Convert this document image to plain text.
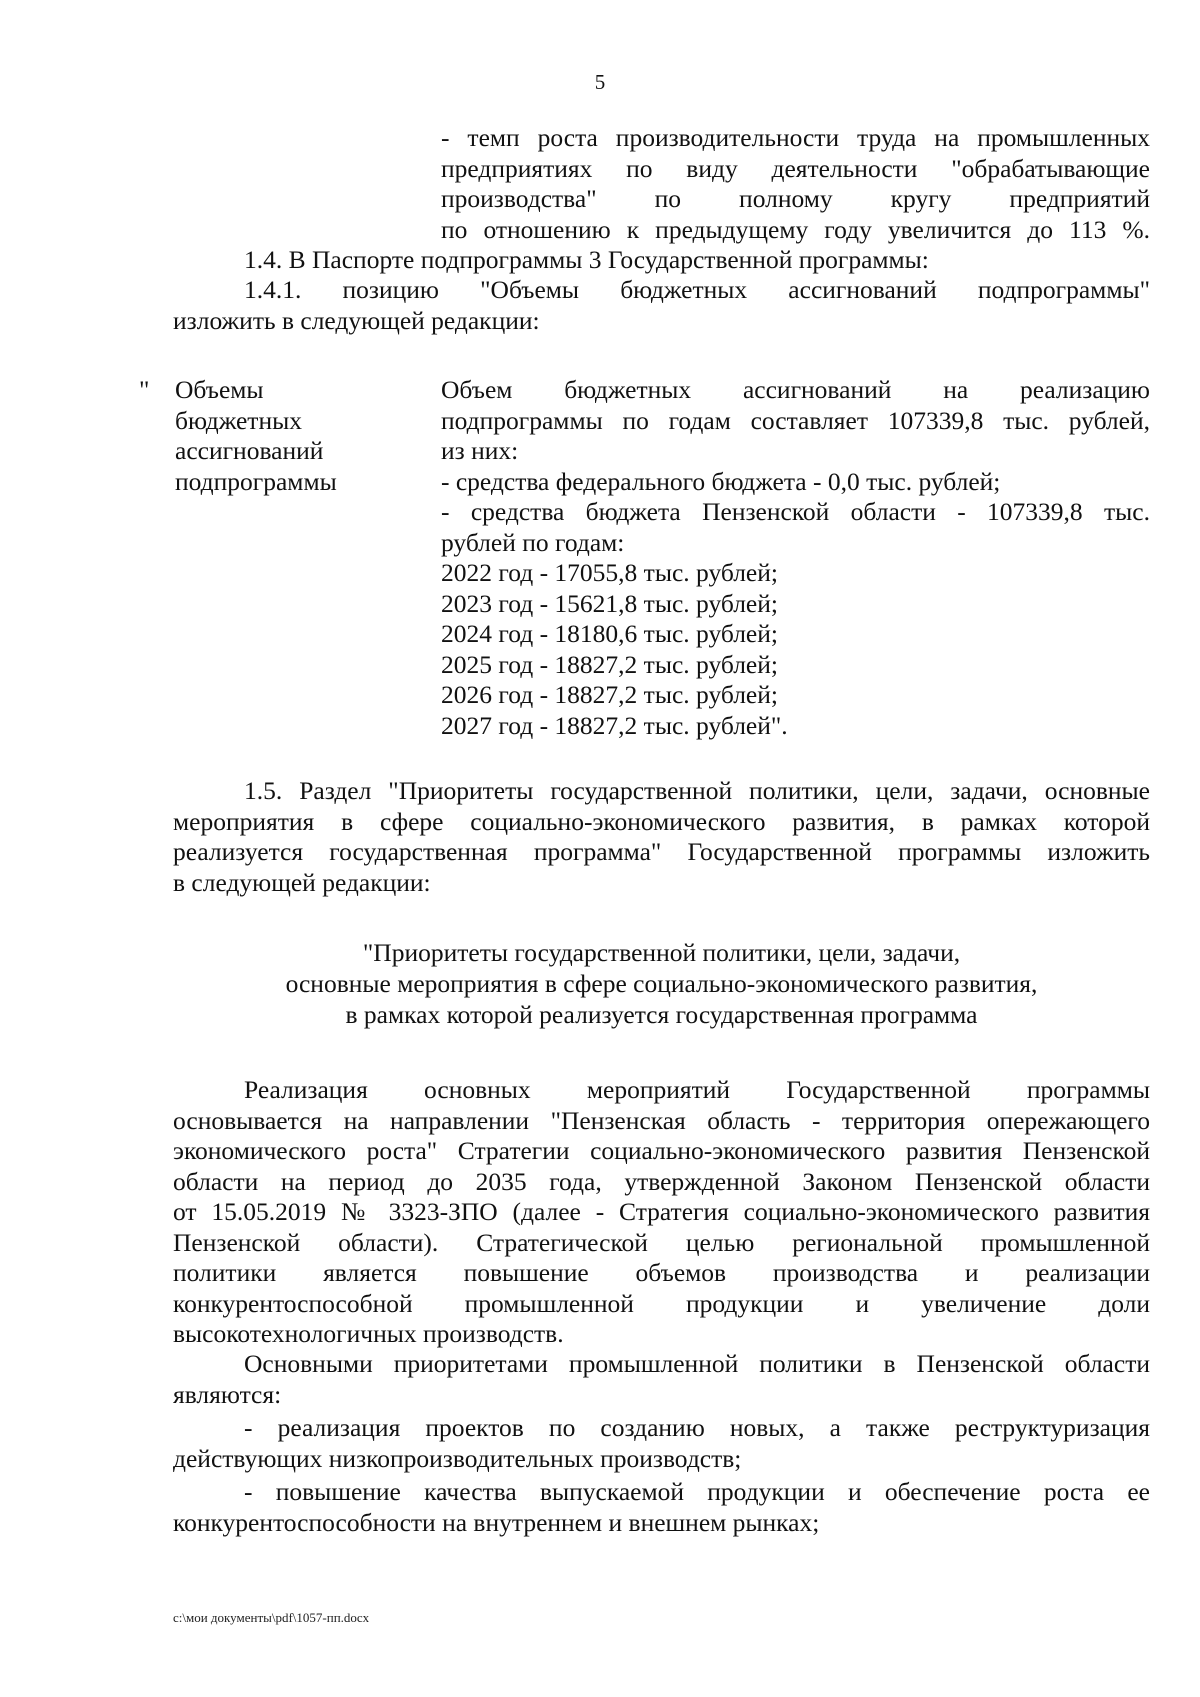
5
- темп роста производительности труда на промышленных
предприятиях по виду деятельности "обрабатывающие
производства" по полному кругу предприятий
по отношению к предыдущему году увеличится до 113 %.
1.4. В Паспорте подпрограммы 3 Государственной программы:
1.4.1. позицию "Объемы бюджетных ассигнований подпрограммы"
изложить в следующей редакции:
" Объемы
бюджетных
ассигнований
подпрограммы
Объем бюджетных ассигнований на реализацию
подпрограммы по годам составляет 107339,8 тыс. рублей,
из них:
- средства федерального бюджета - 0,0 тыс. рублей;
- средства бюджета Пензенской области - 107339,8 тыс.
рублей по годам:
2022 год - 17055,8 тыс. рублей;
2023 год - 15621,8 тыс. рублей;
2024 год - 18180,6 тыс. рублей;
2025 год - 18827,2 тыс. рублей;
2026 год - 18827,2 тыс. рублей;
2027 год - 18827,2 тыс. рублей".
1.5. Раздел "Приоритеты государственной политики, цели, задачи, основные
мероприятия в сфере социально-экономического развития, в рамках которой
реализуется государственная программа" Государственной программы изложить
в следующей редакции:
"Приоритеты государственной политики, цели, задачи,
основные мероприятия в сфере социально-экономического развития,
в рамках которой реализуется государственная программа
Реализация основных мероприятий Государственной программы
основывается на направлении "Пензенская область - территория опережающего
экономического роста" Стратегии социально-экономического развития Пензенской
области на период до 2035 года, утвержденной Законом Пензенской области
от 15.05.2019 № 3323-ЗПО (далее - Стратегия социально-экономического развития
Пензенской области). Стратегической целью региональной промышленной
политики является повышение объемов производства и реализации
конкурентоспособной промышленной продукции и увеличение доли
высокотехнологичных производств.
Основными приоритетами промышленной политики в Пензенской области
являются:
- реализация проектов по созданию новых, а также реструктуризация
действующих низкопроизводительных производств;
- повышение качества выпускаемой продукции и обеспечение роста ее
конкурентоспособности на внутреннем и внешнем рынках;
c:\мои документы\pdf\1057-пп.docx
